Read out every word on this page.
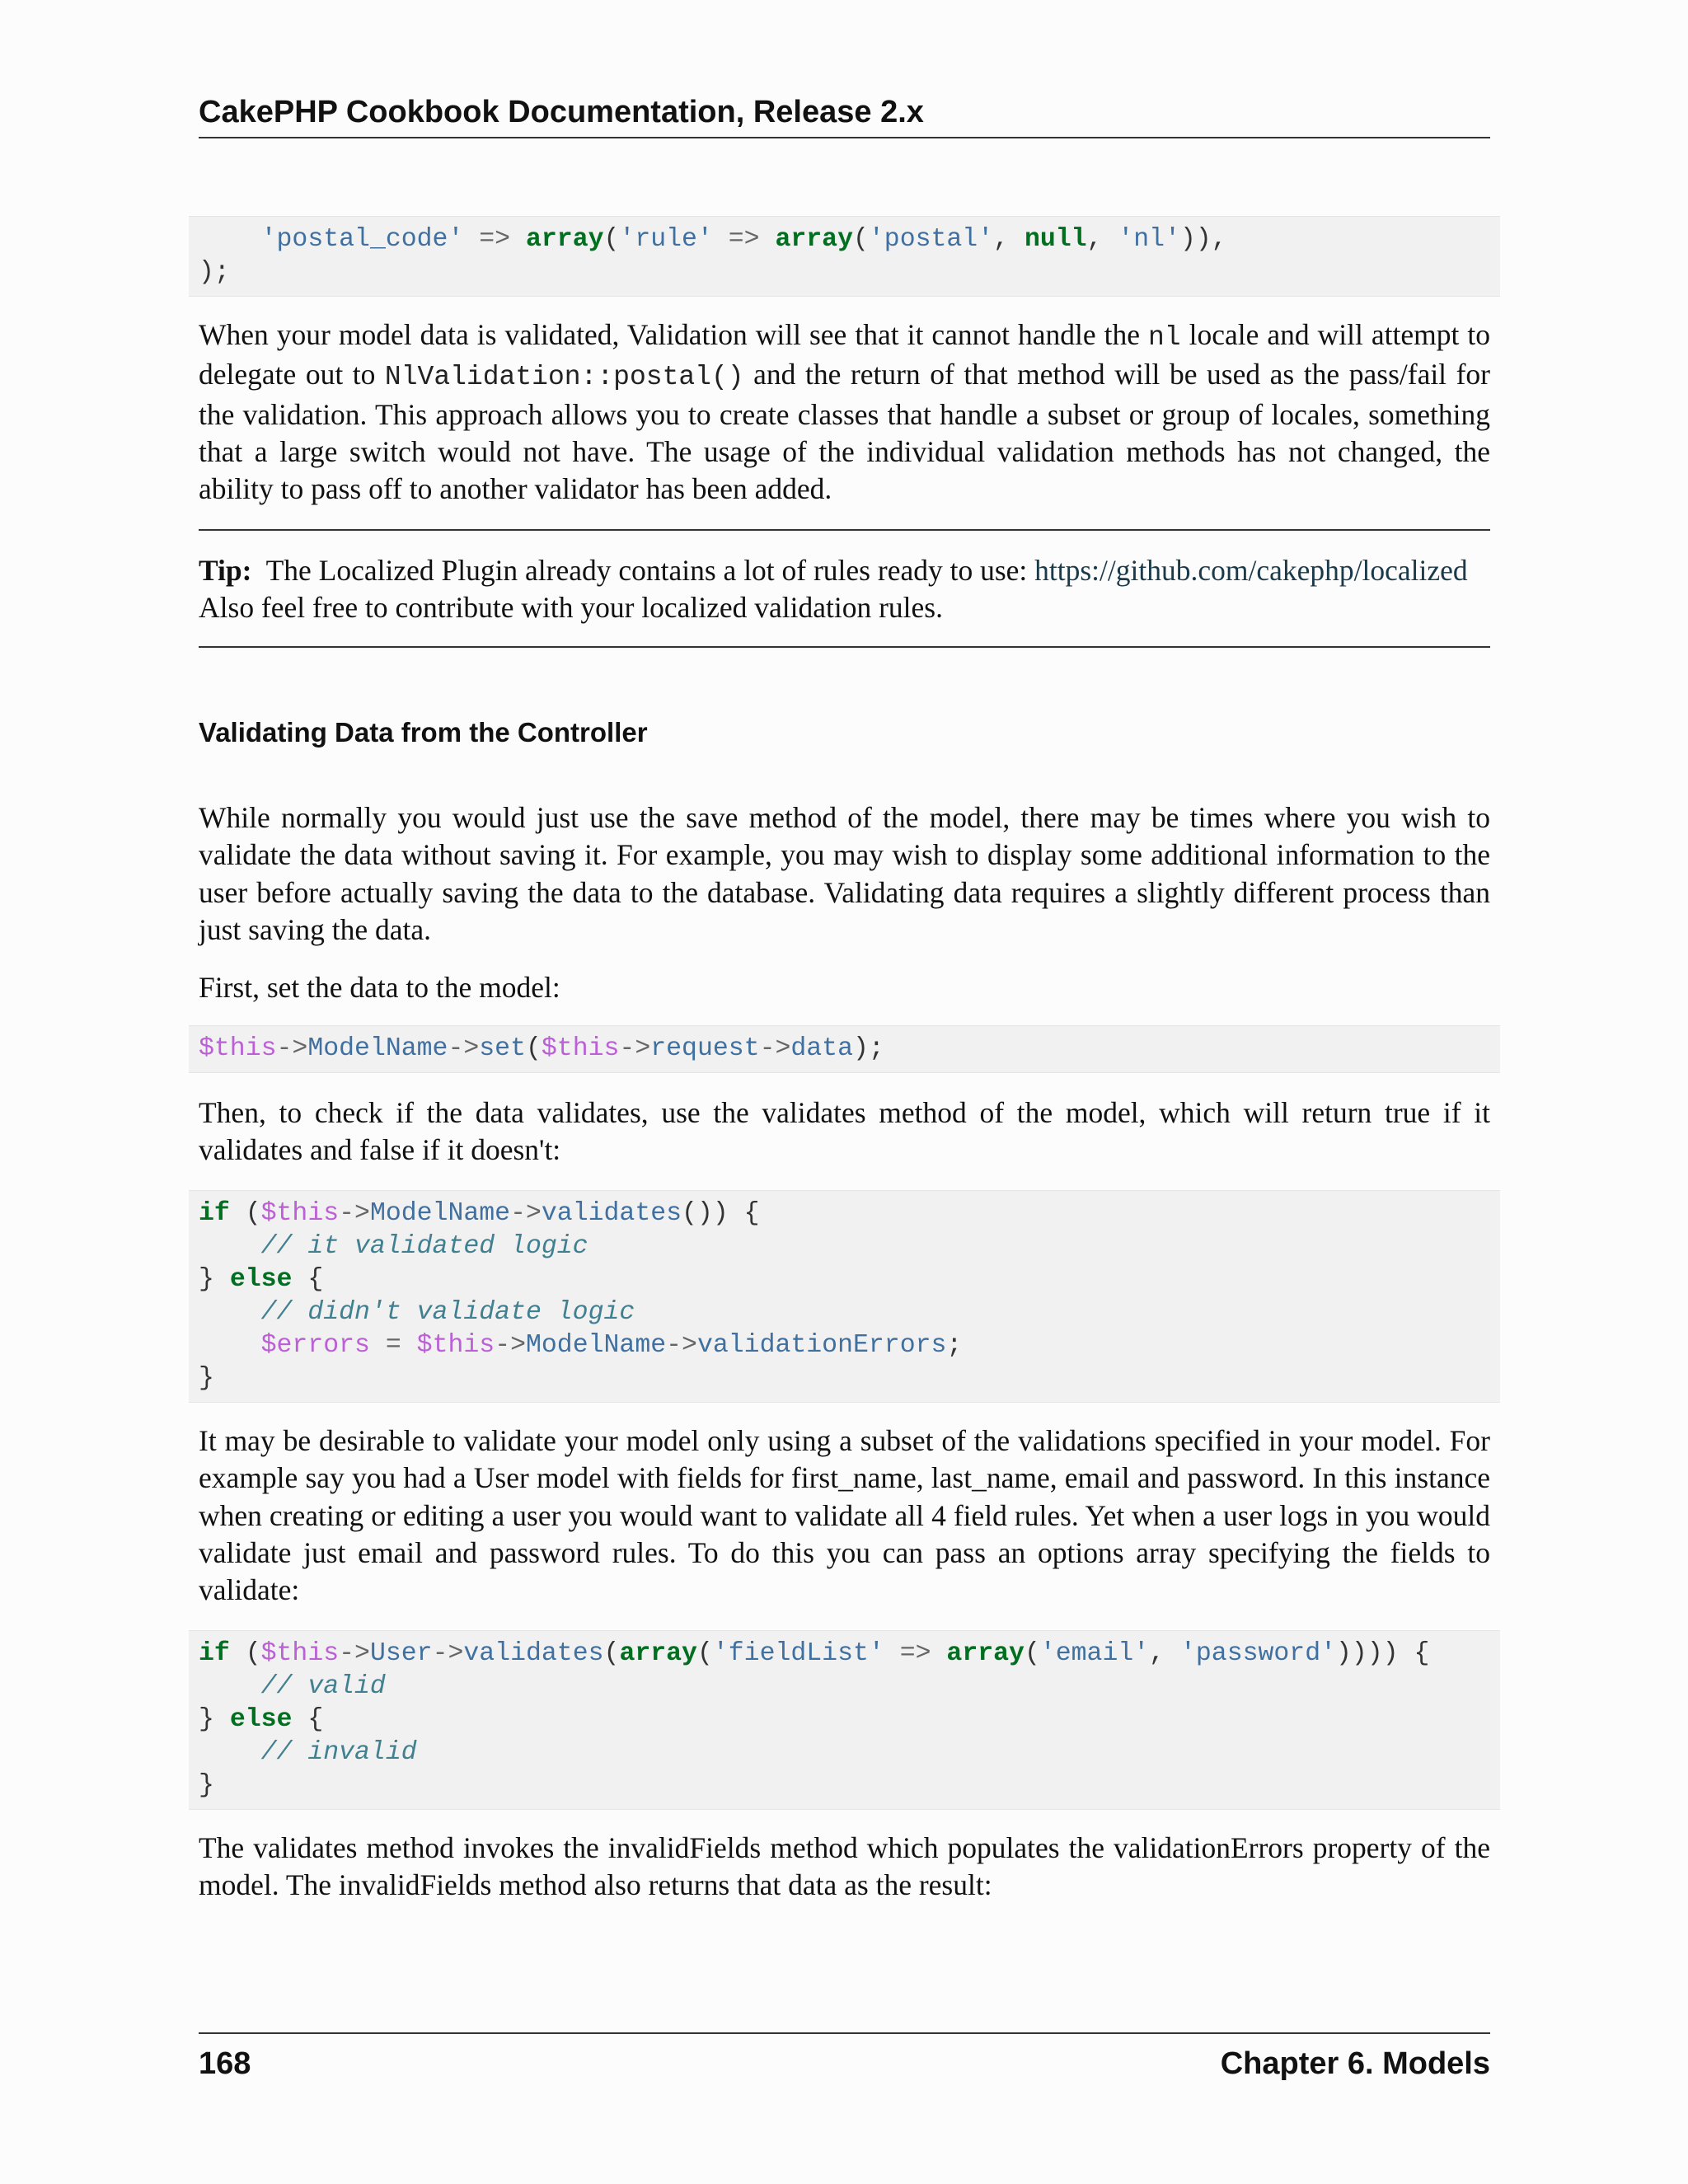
CakePHP Cookbook Documentation, Release 2.x
'postal_code' => array('rule' => array('postal', null, 'nl')),
);
When your model data is validated, Validation will see that it cannot handle the nl locale and will attempt to delegate out to NlValidation::postal() and the return of that method will be used as the pass/fail for the validation. This approach allows you to create classes that handle a subset or group of locales, something that a large switch would not have. The usage of the individual validation methods has not changed, the ability to pass off to another validator has been added.
Tip: The Localized Plugin already contains a lot of rules ready to use: https://github.com/cakephp/localized
Also feel free to contribute with your localized validation rules.
Validating Data from the Controller
While normally you would just use the save method of the model, there may be times where you wish to validate the data without saving it. For example, you may wish to display some additional information to the user before actually saving the data to the database. Validating data requires a slightly different process than just saving the data.
First, set the data to the model:
$this->ModelName->set($this->request->data);
Then, to check if the data validates, use the validates method of the model, which will return true if it validates and false if it doesn't:
if ($this->ModelName->validates()) {
// it validated logic
} else {
// didn't validate logic
$errors = $this->ModelName->validationErrors;
}
It may be desirable to validate your model only using a subset of the validations specified in your model. For example say you had a User model with fields for first_name, last_name, email and password. In this instance when creating or editing a user you would want to validate all 4 field rules. Yet when a user logs in you would validate just email and password rules. To do this you can pass an options array specifying the fields to validate:
if ($this->User->validates(array('fieldList' => array('email', 'password')))) {
// valid
} else {
// invalid
}
The validates method invokes the invalidFields method which populates the validationErrors property of the model. The invalidFields method also returns that data as the result:
168	Chapter 6. Models
